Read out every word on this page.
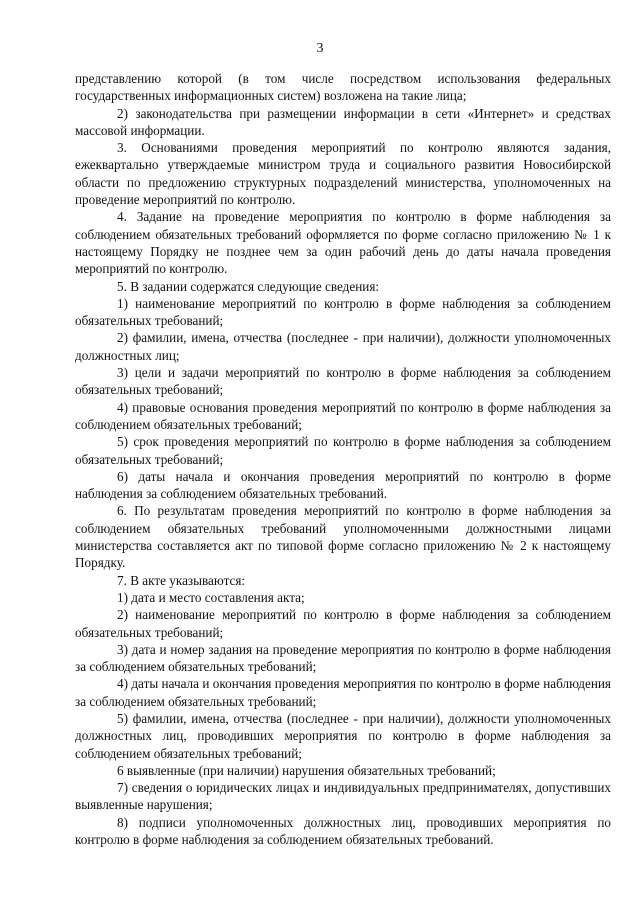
3

представлению которой (в том числе посредством использования федеральных государственных информационных систем) возложена на такие лица;

2) законодательства при размещении информации в сети «Интернет» и средствах массовой информации.

3. Основаниями проведения мероприятий по контролю являются задания, ежеквартально утверждаемые министром труда и социального развития Новосибирской области по предложению структурных подразделений министерства, уполномоченных на проведение мероприятий по контролю.

4. Задание на проведение мероприятия по контролю в форме наблюдения за соблюдением обязательных требований оформляется по форме согласно приложению № 1 к настоящему Порядку не позднее чем за один рабочий день до даты начала проведения мероприятий по контролю.

5. В задании содержатся следующие сведения:

1) наименование мероприятий по контролю в форме наблюдения за соблюдением обязательных требований;

2) фамилии, имена, отчества (последнее - при наличии), должности уполномоченных должностных лиц;

3) цели и задачи мероприятий по контролю в форме наблюдения за соблюдением обязательных требований;

4) правовые основания проведения мероприятий по контролю в форме наблюдения за соблюдением обязательных требований;

5) срок проведения мероприятий по контролю в форме наблюдения за соблюдением обязательных требований;

6) даты начала и окончания проведения мероприятий по контролю в форме наблюдения за соблюдением обязательных требований.

6. По результатам проведения мероприятий по контролю в форме наблюдения за соблюдением обязательных требований уполномоченными должностными лицами министерства составляется акт по типовой форме согласно приложению № 2 к настоящему Порядку.

7. В акте указываются:

1) дата и место составления акта;

2) наименование мероприятий по контролю в форме наблюдения за соблюдением обязательных требований;

3) дата и номер задания на проведение мероприятия по контролю в форме наблюдения за соблюдением обязательных требований;

4) даты начала и окончания проведения мероприятия по контролю в форме наблюдения за соблюдением обязательных требований;

5) фамилии, имена, отчества (последнее - при наличии), должности уполномоченных должностных лиц, проводивших мероприятия по контролю в форме наблюдения за соблюдением обязательных требований;

6 выявленные (при наличии) нарушения обязательных требований;

7) сведения о юридических лицах и индивидуальных предпринимателях, допустивших выявленные нарушения;

8) подписи уполномоченных должностных лиц, проводивших мероприятия по контролю в форме наблюдения за соблюдением обязательных требований.
